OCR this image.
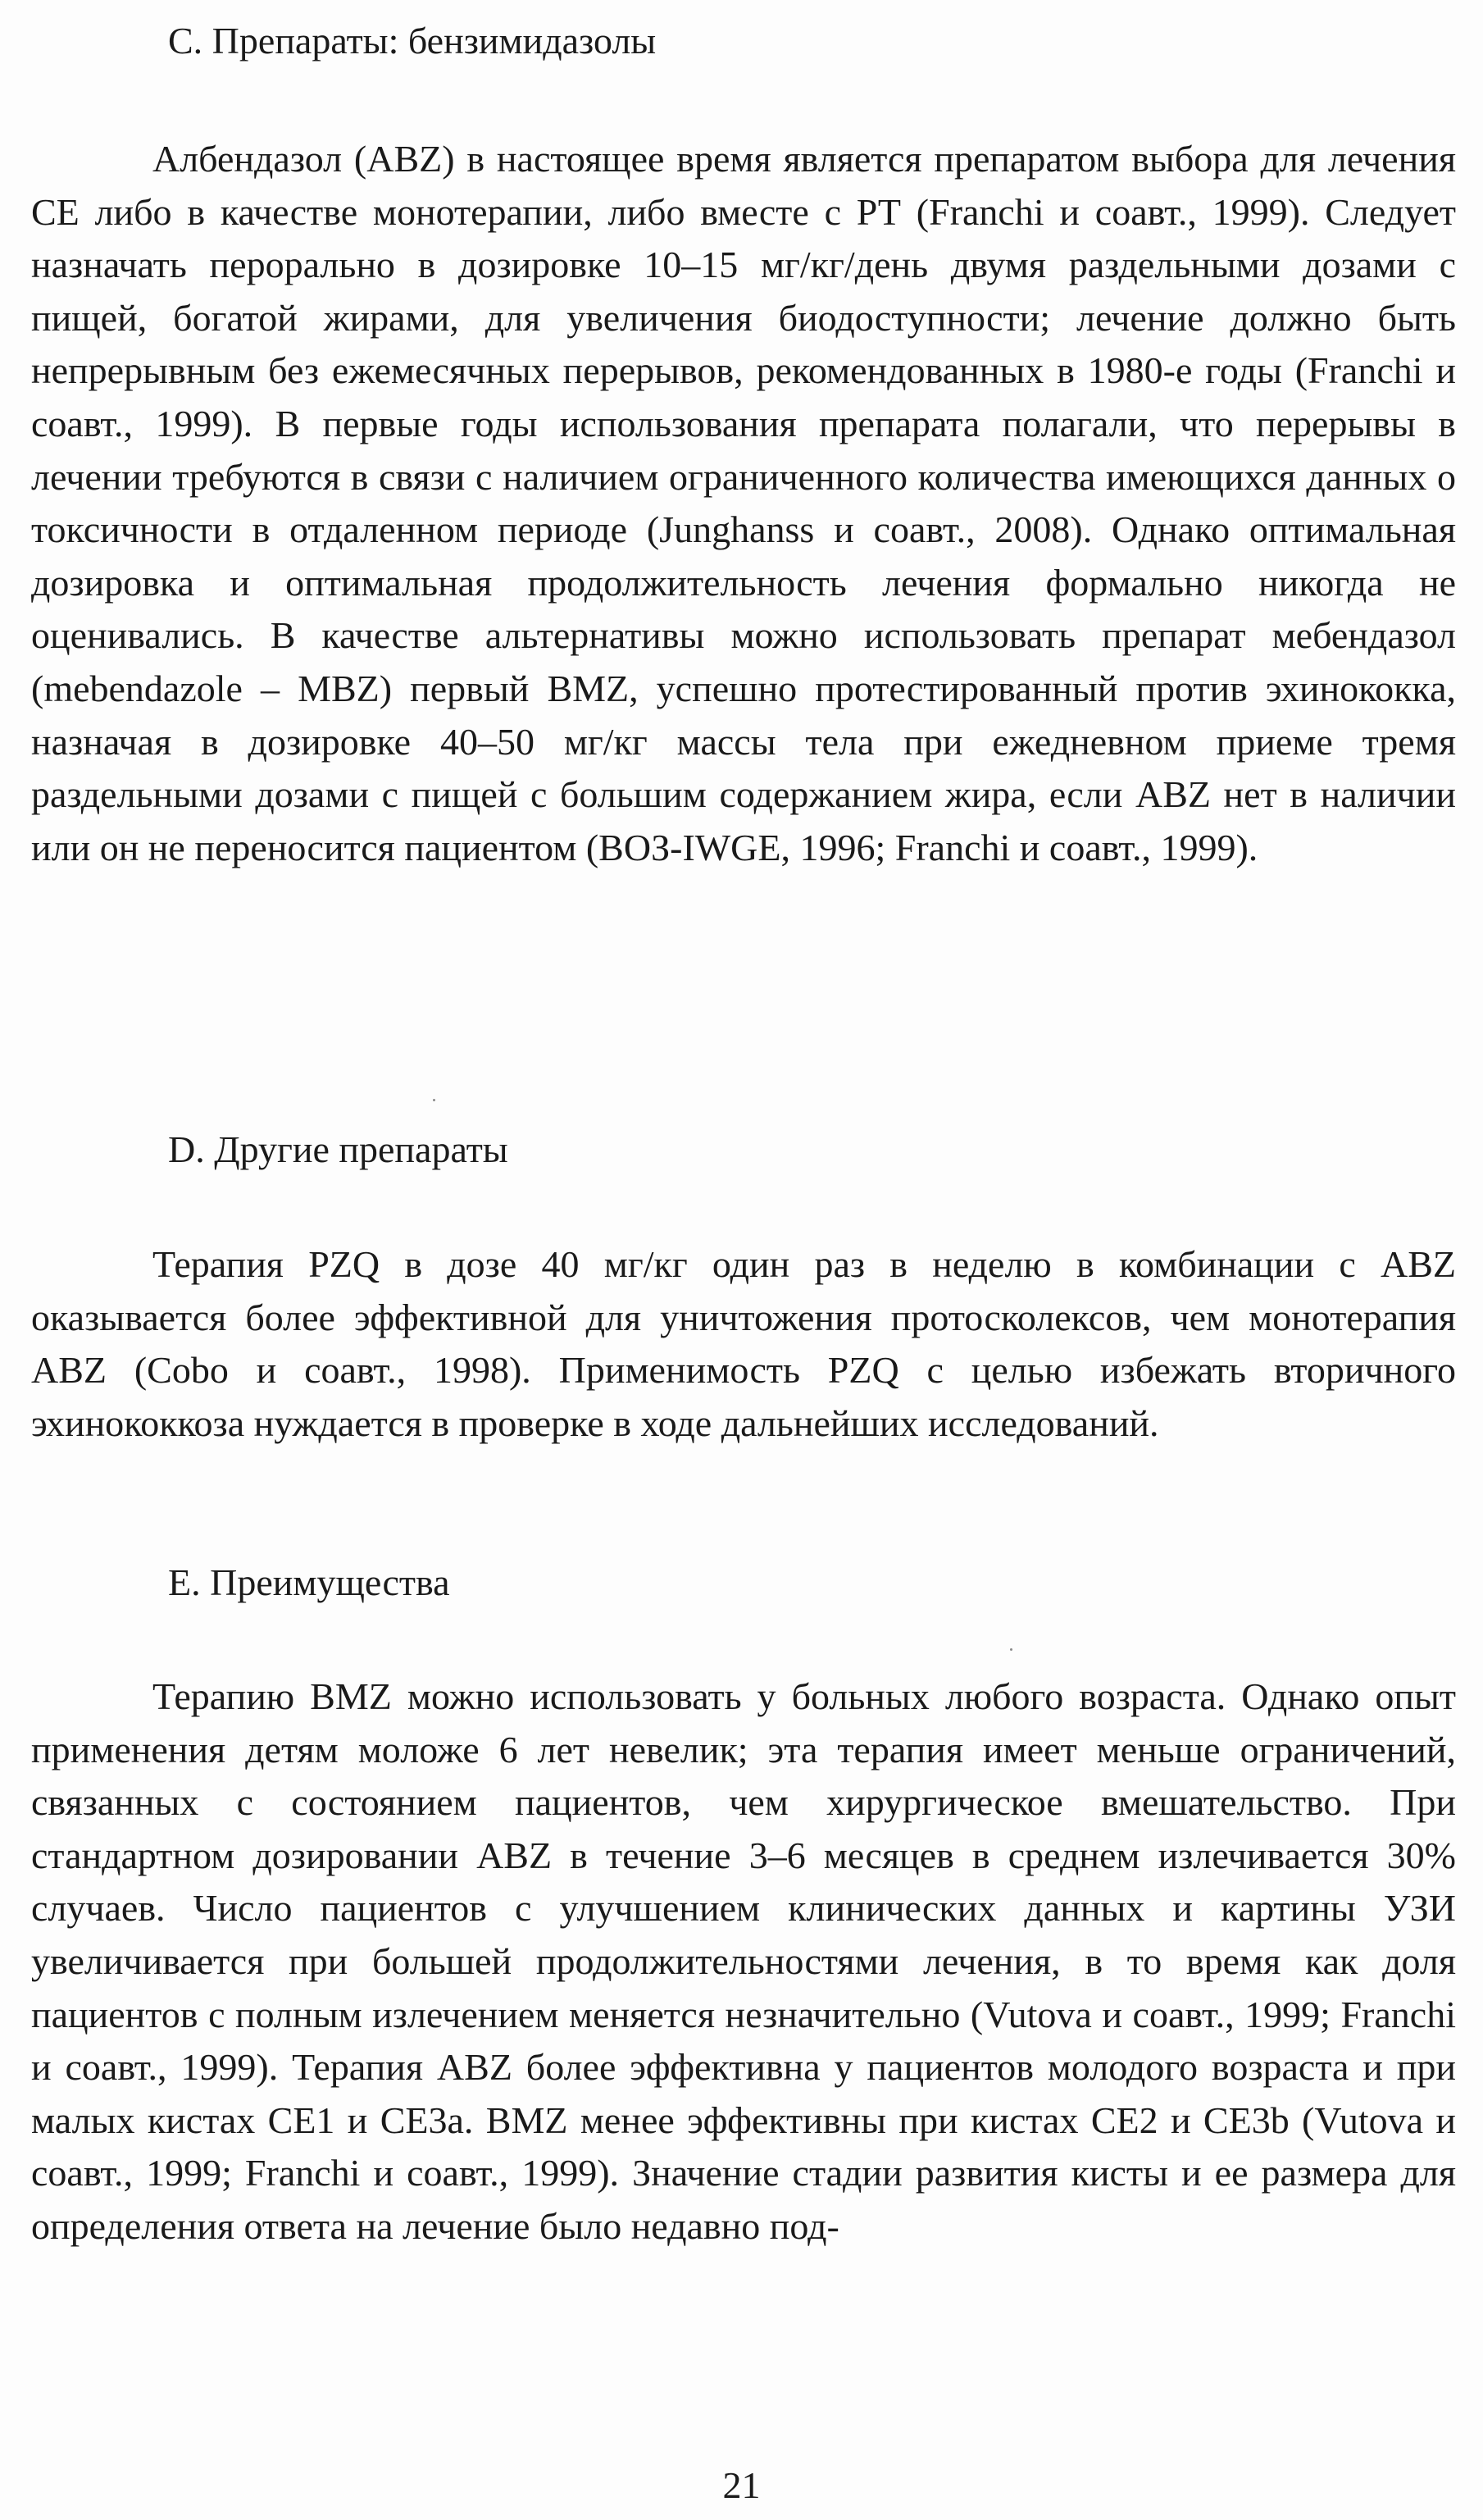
С. Препараты: бензимидазолы

Албендазол (ABZ) в настоящее время является препаратом выбора для лечения СЕ либо в качестве монотерапии, либо вместе с РТ (Franchi и соавт., 1999). Следует назначать перорально в дозировке 10–15 мг/кг/день двумя раздельными дозами с пищей, богатой жирами, для увеличения биодоступности; лечение должно быть непрерывным без ежемесячных перерывов, рекомендованных в 1980-е годы (Franchi и соавт., 1999). В первые годы использования препарата полагали, что перерывы в лечении требуются в связи с наличием ограниченного количества имеющихся данных о токсичности в отдаленном периоде (Junghanss и соавт., 2008). Однако оптимальная дозировка и оптимальная продолжительность лечения формально никогда не оценивались. В качестве альтернативы можно использовать препарат мебендазол (mebendazole – MBZ) первый BMZ, успешно протестированный против эхинококка, назначая в дозировке 40–50 мг/кг массы тела при ежедневном приеме тремя раздельными дозами с пищей с большим содержанием жира, если ABZ нет в наличии или он не переносится пациентом (ВОЗ-IWGE, 1996; Franchi и соавт., 1999).

D. Другие препараты

Терапия PZQ в дозе 40 мг/кг один раз в неделю в комбинации с ABZ оказывается более эффективной для уничтожения протосколексов, чем монотерапия ABZ (Cobo и соавт., 1998). Применимость PZQ с целью избежать вторичного эхинококкоза нуждается в проверке в ходе дальнейших исследований.

Е. Преимущества

Терапию BMZ можно использовать у больных любого возраста. Однако опыт применения детям моложе 6 лет невелик; эта терапия имеет меньше ограничений, связанных с состоянием пациентов, чем хирургическое вмешательство. При стандартном дозировании ABZ в течение 3–6 месяцев в среднем излечивается 30% случаев. Число пациентов с улучшением клинических данных и картины УЗИ увеличивается при большей продолжительностями лечения, в то время как доля пациентов с полным излечением меняется незначительно (Vutova и соавт., 1999; Franchi и соавт., 1999). Терапия ABZ более эффективна у пациентов молодого возраста и при малых кистах СЕ1 и СЕ3а. BMZ менее эффективны при кистах СЕ2 и СЕ3b (Vutova и соавт., 1999; Franchi и соавт., 1999). Значение стадии развития кисты и ее размера для определения ответа на лечение было недавно под-

21
